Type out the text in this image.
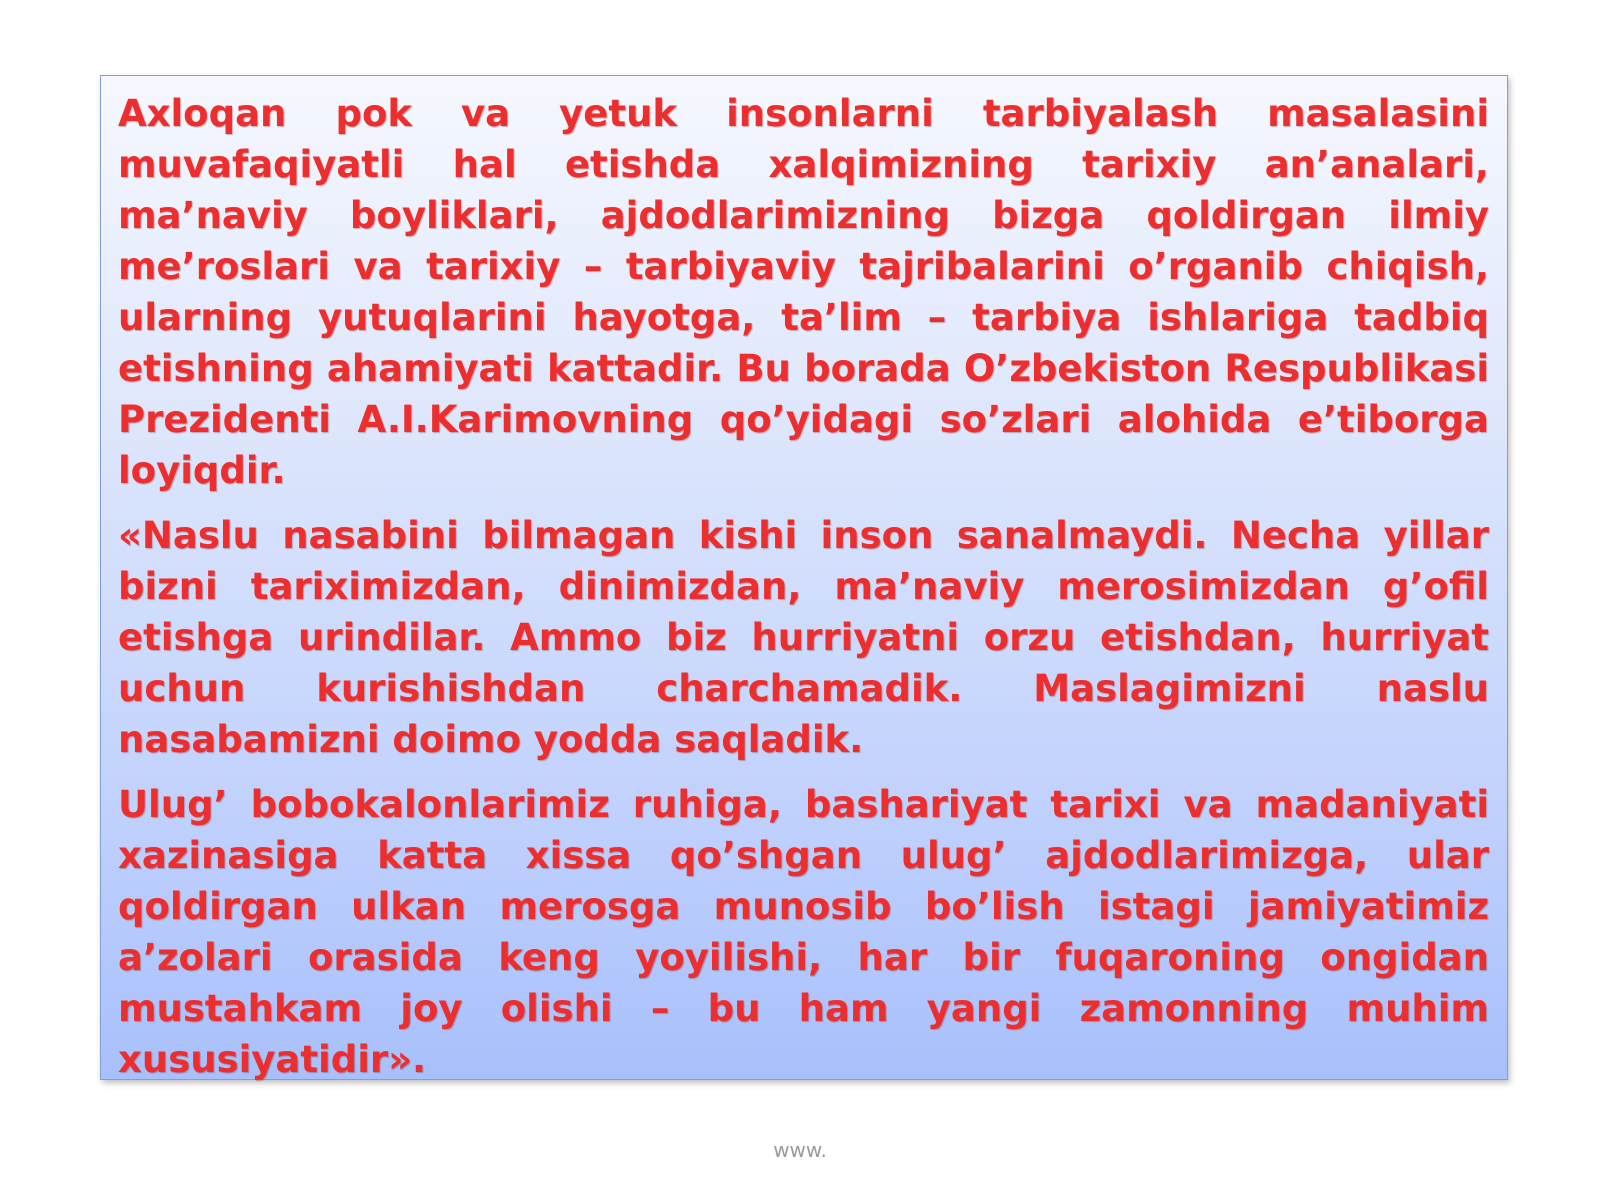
Axloqan pok va yetuk insonlarni tarbiyalash masalasini muvafaqiyatli hal etishda xalqimizning tarixiy an’analari, ma’naviy boyliklari, ajdodlarimizning bizga qoldirgan ilmiy me’roslari va tarixiy – tarbiyaviy tajribalarini o’rganib chiqish, ularning yutuqlarini hayotga, ta’lim – tarbiya ishlariga tadbiq etishning ahamiyati kattadir. Bu borada O’zbekiston Respublikasi Prezidenti A.I.Karimovning qo’yidagi so’zlari alohida e’tiborga loyiqdir.

«Naslu nasabini bilmagan kishi inson sanalmaydi. Necha yillar bizni tariximizdan, dinimizdan, ma’naviy merosimizdan g’ofil etishga urindilar. Ammo biz hurriyatni orzu etishdan, hurriyat uchun kurishishdan charchamadik. Maslagimizni naslu nasabamizni doimo yodda saqladik.

Ulug’ bobokalonlarimiz ruhiga, bashariyat tarixi va madaniyati xazinasiga katta xissa qo’shgan ulug’ ajdodlarimizga, ular qoldirgan ulkan merosga munosib bo’lish istagi jamiyatimiz a’zolari orasida keng yoyilishi, har bir fuqaroning ongidan mustahkam joy olishi – bu ham yangi zamonning muhim xususiyatidir».

www.
